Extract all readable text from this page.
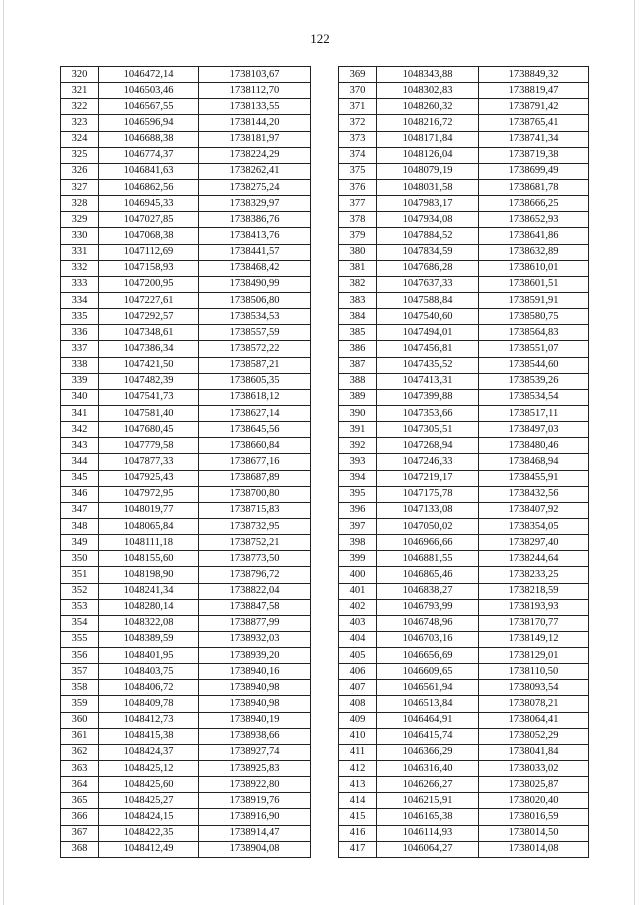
122
320	1046472,14	1738103,67
321	1046503,46	1738112,70
322	1046567,55	1738133,55
323	1046596,94	1738144,20
324	1046688,38	1738181,97
325	1046774,37	1738224,29
326	1046841,63	1738262,41
327	1046862,56	1738275,24
328	1046945,33	1738329,97
329	1047027,85	1738386,76
330	1047068,38	1738413,76
331	1047112,69	1738441,57
332	1047158,93	1738468,42
333	1047200,95	1738490,99
334	1047227,61	1738506,80
335	1047292,57	1738534,53
336	1047348,61	1738557,59
337	1047386,34	1738572,22
338	1047421,50	1738587,21
339	1047482,39	1738605,35
340	1047541,73	1738618,12
341	1047581,40	1738627,14
342	1047680,45	1738645,56
343	1047779,58	1738660,84
344	1047877,33	1738677,16
345	1047925,43	1738687,89
346	1047972,95	1738700,80
347	1048019,77	1738715,83
348	1048065,84	1738732,95
349	1048111,18	1738752,21
350	1048155,60	1738773,50
351	1048198,90	1738796,72
352	1048241,34	1738822,04
353	1048280,14	1738847,58
354	1048322,08	1738877,99
355	1048389,59	1738932,03
356	1048401,95	1738939,20
357	1048403,75	1738940,16
358	1048406,72	1738940,98
359	1048409,78	1738940,98
360	1048412,73	1738940,19
361	1048415,38	1738938,66
362	1048424,37	1738927,74
363	1048425,12	1738925,83
364	1048425,60	1738922,80
365	1048425,27	1738919,76
366	1048424,15	1738916,90
367	1048422,35	1738914,47
368	1048412,49	1738904,08
369	1048343,88	1738849,32
370	1048302,83	1738819,47
371	1048260,32	1738791,42
372	1048216,72	1738765,41
373	1048171,84	1738741,34
374	1048126,04	1738719,38
375	1048079,19	1738699,49
376	1048031,58	1738681,78
377	1047983,17	1738666,25
378	1047934,08	1738652,93
379	1047884,52	1738641,86
380	1047834,59	1738632,89
381	1047686,28	1738610,01
382	1047637,33	1738601,51
383	1047588,84	1738591,91
384	1047540,60	1738580,75
385	1047494,01	1738564,83
386	1047456,81	1738551,07
387	1047435,52	1738544,60
388	1047413,31	1738539,26
389	1047399,88	1738534,54
390	1047353,66	1738517,11
391	1047305,51	1738497,03
392	1047268,94	1738480,46
393	1047246,33	1738468,94
394	1047219,17	1738455,91
395	1047175,78	1738432,56
396	1047133,08	1738407,92
397	1047050,02	1738354,05
398	1046966,66	1738297,40
399	1046881,55	1738244,64
400	1046865,46	1738233,25
401	1046838,27	1738218,59
402	1046793,99	1738193,93
403	1046748,96	1738170,77
404	1046703,16	1738149,12
405	1046656,69	1738129,01
406	1046609,65	1738110,50
407	1046561,94	1738093,54
408	1046513,84	1738078,21
409	1046464,91	1738064,41
410	1046415,74	1738052,29
411	1046366,29	1738041,84
412	1046316,40	1738033,02
413	1046266,27	1738025,87
414	1046215,91	1738020,40
415	1046165,38	1738016,59
416	1046114,93	1738014,50
417	1046064,27	1738014,08
